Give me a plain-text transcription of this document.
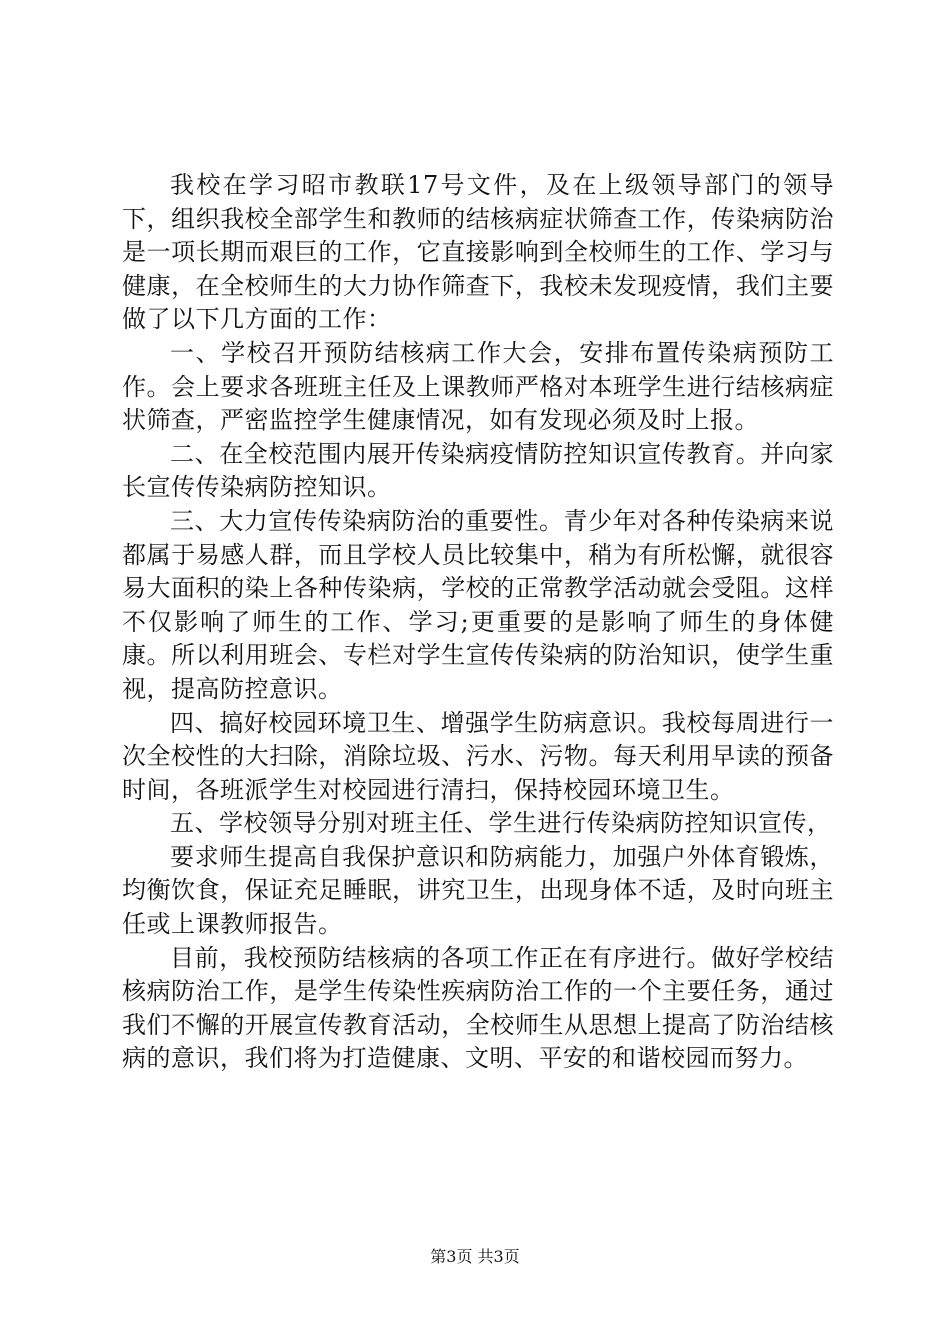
我校在学习昭市教联17号文件，及在上级领导部门的领导下，组织我校全部学生和教师的结核病症状筛查工作，传染病防治是一项长期而艰巨的工作，它直接影响到全校师生的工作、学习与健康，在全校师生的大力协作筛查下，我校未发现疫情，我们主要做了以下几方面的工作：

一、学校召开预防结核病工作大会，安排布置传染病预防工作。会上要求各班班主任及上课教师严格对本班学生进行结核病症状筛查，严密监控学生健康情况，如有发现必须及时上报。

二、在全校范围内展开传染病疫情防控知识宣传教育。并向家长宣传传染病防控知识。

三、大力宣传传染病防治的重要性。青少年对各种传染病来说都属于易感人群，而且学校人员比较集中，稍为有所松懈，就很容易大面积的染上各种传染病，学校的正常教学活动就会受阻。这样不仅影响了师生的工作、学习;更重要的是影响了师生的身体健康。所以利用班会、专栏对学生宣传传染病的防治知识，使学生重视，提高防控意识。

四、搞好校园环境卫生、增强学生防病意识。我校每周进行一次全校性的大扫除，消除垃圾、污水、污物。每天利用早读的预备时间，各班派学生对校园进行清扫，保持校园环境卫生。

五、学校领导分别对班主任、学生进行传染病防控知识宣传，

要求师生提高自我保护意识和防病能力，加强户外体育锻炼，均衡饮食，保证充足睡眠，讲究卫生，出现身体不适，及时向班主任或上课教师报告。

目前，我校预防结核病的各项工作正在有序进行。做好学校结核病防治工作，是学生传染性疾病防治工作的一个主要任务，通过我们不懈的开展宣传教育活动，全校师生从思想上提高了防治结核病的意识，我们将为打造健康、文明、平安的和谐校园而努力。

第3页 共3页
